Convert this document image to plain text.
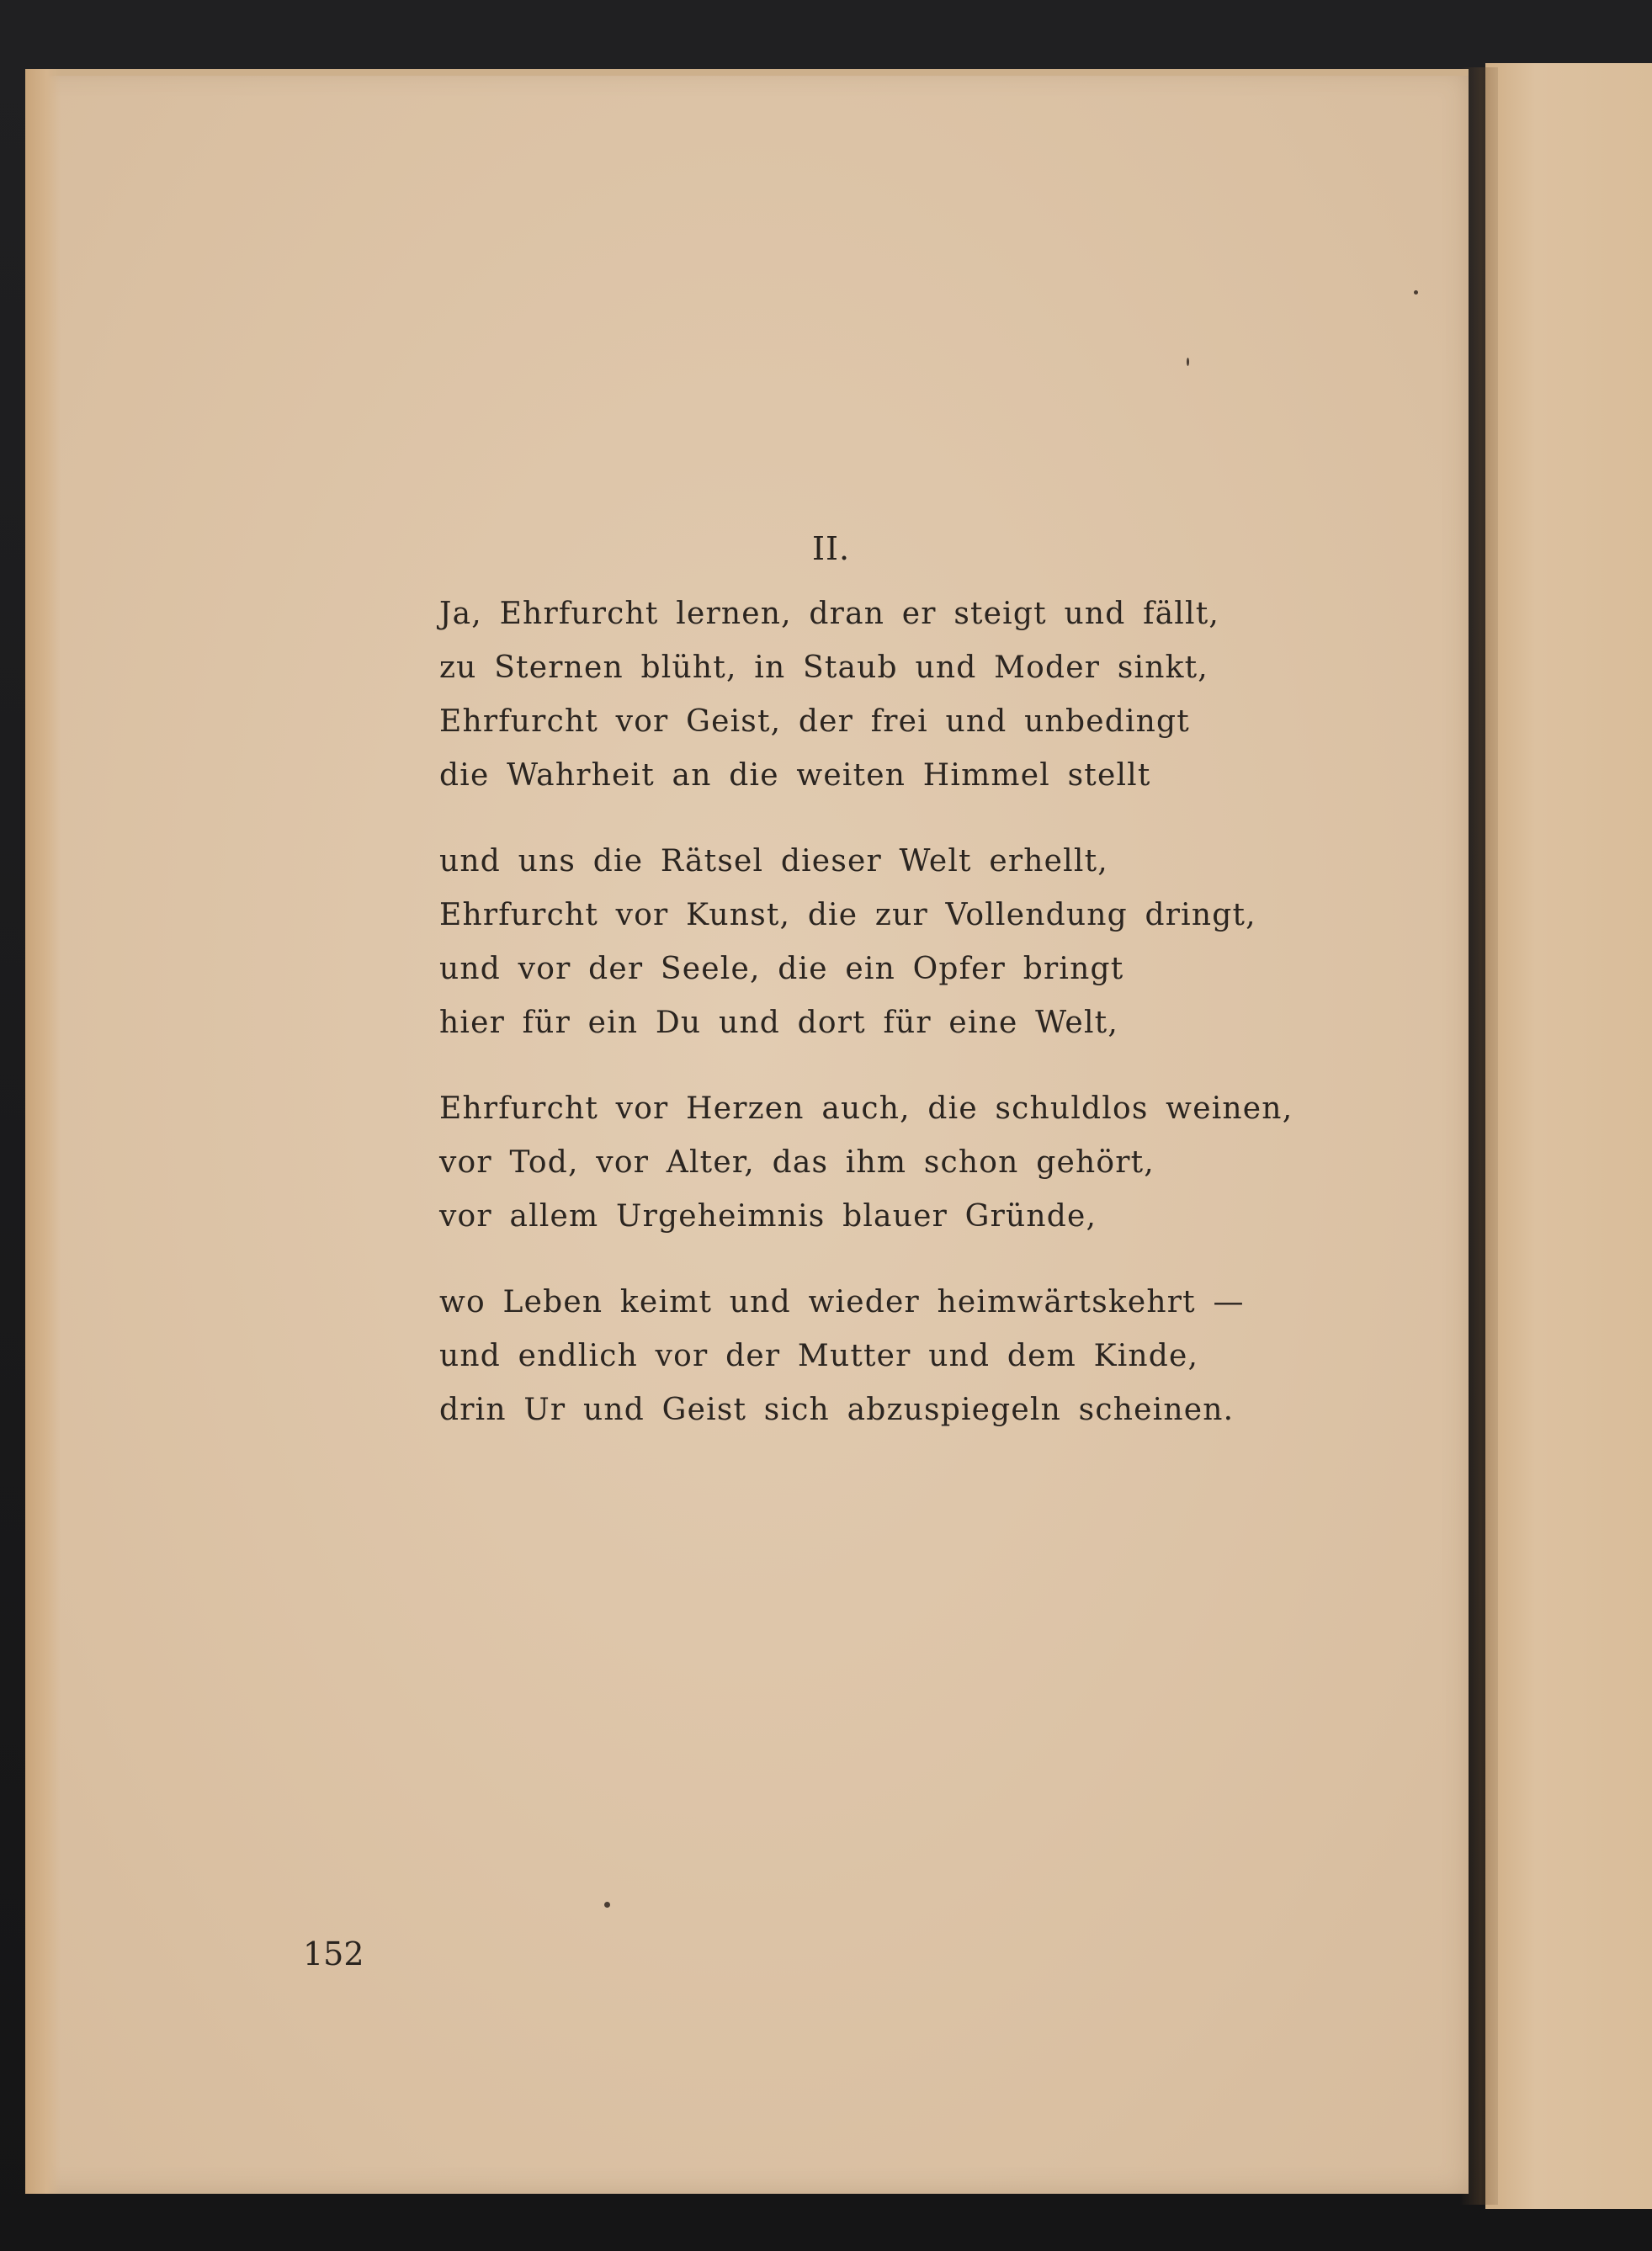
II.
Ja, Ehrfurcht lernen, dran er steigt und fällt,
zu Sternen blüht, in Staub und Moder sinkt,
Ehrfurcht vor Geist, der frei und unbedingt
die Wahrheit an die weiten Himmel stellt
und uns die Rätsel dieser Welt erhellt,
Ehrfurcht vor Kunst, die zur Vollendung dringt,
und vor der Seele, die ein Opfer bringt
hier für ein Du und dort für eine Welt,
Ehrfurcht vor Herzen auch, die schuldlos weinen,
vor Tod, vor Alter, das ihm schon gehört,
vor allem Urgeheimnis blauer Gründe,
wo Leben keimt und wieder heimwärtskehrt —
und endlich vor der Mutter und dem Kinde,
drin Ur und Geist sich abzuspiegeln scheinen.
152
